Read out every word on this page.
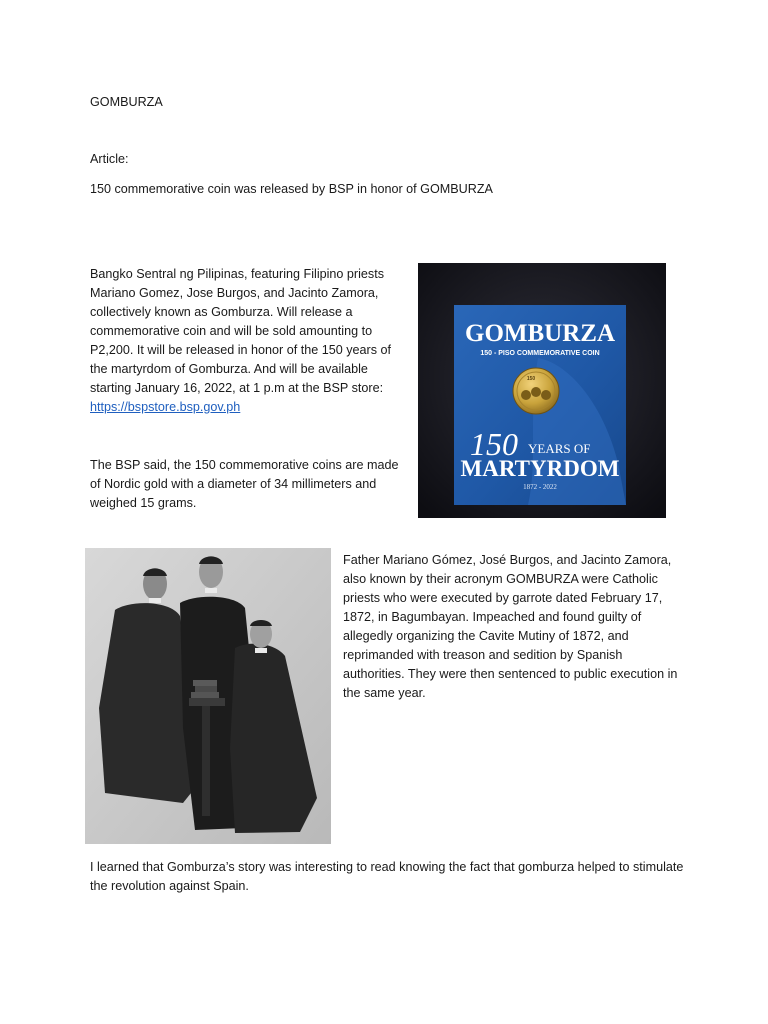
GOMBURZA

Article:

150 commemorative coin was released by BSP in honor of GOMBURZA

Bangko Sentral ng Pilipinas, featuring Filipino priests Mariano Gomez, Jose Burgos, and Jacinto Zamora, collectively known as Gomburza. Will release a commemorative coin and will be sold amounting to P2,200. It will be released in honor of the 150 years of the martyrdom of Gomburza. And will be available starting January 16, 2022, at 1 p.m at the BSP store: https://bspstore.bsp.gov.ph

The BSP said, the 150 commemorative coins are made of Nordic gold with a diameter of 34 millimeters and weighed 15 grams.

GOMBURZA
150 - PISO COMMEMORATIVE COIN
150
150 YEARS OF
MARTYRDOM
1872 - 2022

Father Mariano Gómez, José Burgos, and Jacinto Zamora, also known by their acronym GOMBURZA were Catholic priests who were executed by garrote dated February 17, 1872, in Bagumbayan. Impeached and found guilty of allegedly organizing the Cavite Mutiny of 1872, and reprimanded with treason and sedition by Spanish authorities. They were then sentenced to public execution in the same year.

I learned that Gomburza’s story was interesting to read knowing the fact that gomburza helped to stimulate the revolution against Spain.
